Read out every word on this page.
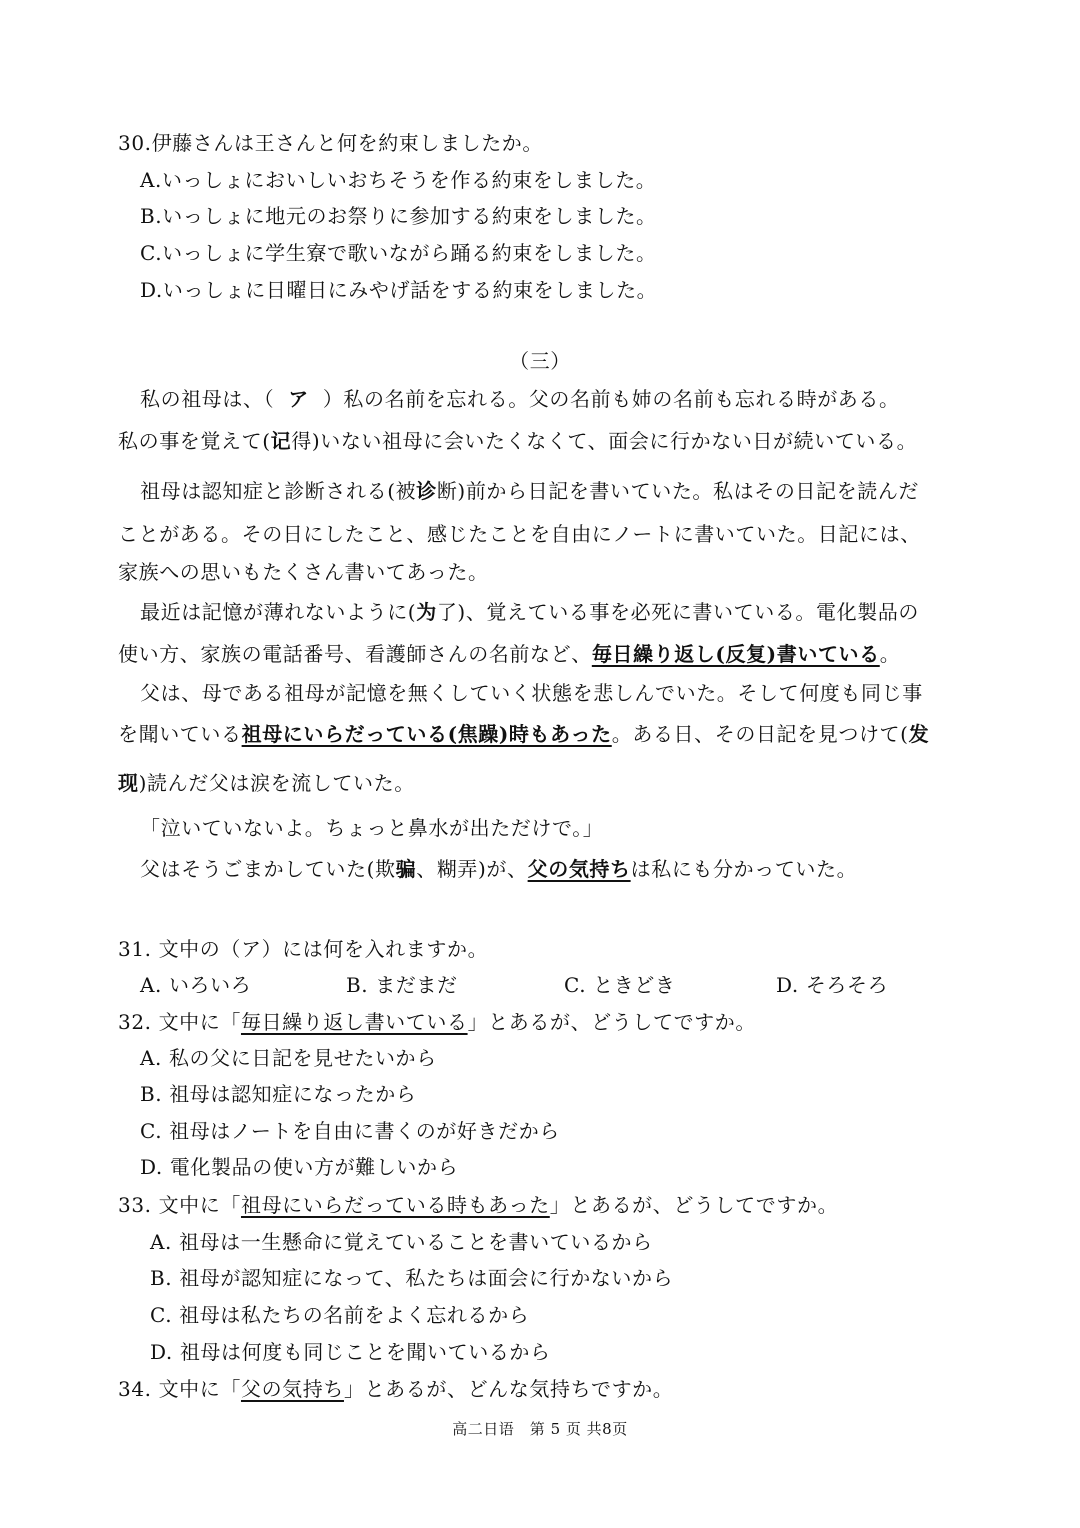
30.伊藤さんは王さんと何を約束しましたか。
A.いっしょにおいしいおちそうを作る約束をしました。
B.いっしょに地元のお祭りに参加する約束をしました。
C.いっしょに学生寮で歌いながら踊る約束をしました。
D.いっしょに日曜日にみやげ話をする約束をしました。
（三）
私の祖母は、（ ア ）私の名前を忘れる。父の名前も姉の名前も忘れる時がある。
私の事を覚えて(记得)いない祖母に会いたくなくて、面会に行かない日が続いている。
祖母は認知症と診断される(被诊断)前から日記を書いていた。私はその日記を読んだ
ことがある。その日にしたこと、感じたことを自由にノートに書いていた。日記には、
家族への思いもたくさん書いてあった。
最近は記憶が薄れないように(为了)、覚えている事を必死に書いている。電化製品の
使い方、家族の電話番号、看護師さんの名前など、毎日繰り返し(反复)書いている。
父は、母である祖母が記憶を無くしていく状態を悲しんでいた。そして何度も同じ事
を聞いている祖母にいらだっている(焦躁)時もあった。ある日、その日記を見つけて(发
现)読んだ父は涙を流していた。
「泣いていないよ。ちょっと鼻水が出ただけで。」
父はそうごまかしていた(欺骗、糊弄)が、父の気持ちは私にも分かっていた。
31. 文中の（ア）には何を入れますか。
A. いろいろ	B. まだまだ	C. ときどき	D. そろそろ
32. 文中に「毎日繰り返し書いている」とあるが、どうしてですか。
A. 私の父に日記を見せたいから
B. 祖母は認知症になったから
C. 祖母はノートを自由に書くのが好きだから
D. 電化製品の使い方が難しいから
33. 文中に「祖母にいらだっている時もあった」とあるが、どうしてですか。
A. 祖母は一生懸命に覚えていることを書いているから
B. 祖母が認知症になって、私たちは面会に行かないから
C. 祖母は私たちの名前をよく忘れるから
D. 祖母は何度も同じことを聞いているから
34. 文中に「父の気持ち」とあるが、どんな気持ちですか。
高二日语　第 5 页 共8页
